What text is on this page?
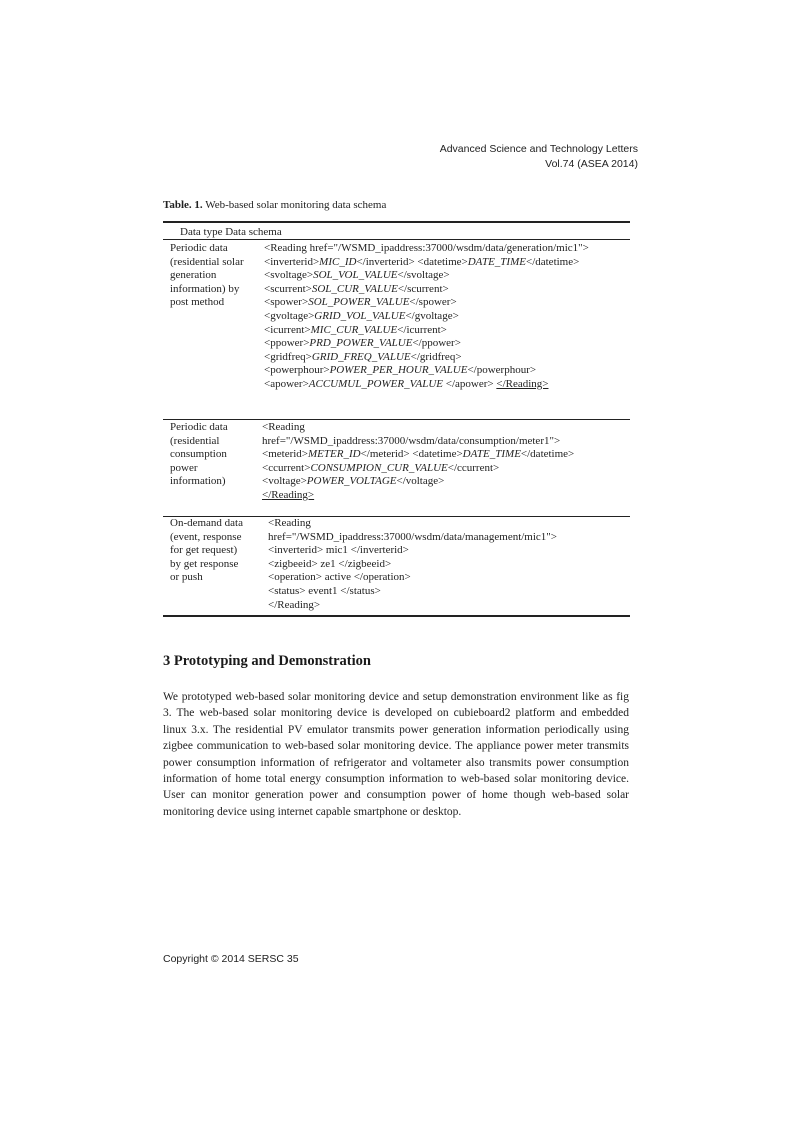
Advanced Science and Technology Letters
Vol.74 (ASEA 2014)
Table. 1. Web-based solar monitoring data schema
Data type Data schema
Periodic data
(residential solar
generation
information) by
post method
<Reading href="/WSMD_ipaddress:37000/wsdm/data/generation/mic1">
<inverterid>MIC_ID</inverterid> <datetime>DATE_TIME</datetime>
<svoltage>SOL_VOL_VALUE</svoltage>
<scurrent>SOL_CUR_VALUE</scurrent>
<spower>SOL_POWER_VALUE</spower>
<gvoltage>GRID_VOL_VALUE</gvoltage>
<icurrent>MIC_CUR_VALUE</icurrent>
<ppower>PRD_POWER_VALUE</ppower>
<gridfreq>GRID_FREQ_VALUE</gridfreq>
<powerphour>POWER_PER_HOUR_VALUE</powerphour>
<apower>ACCUMUL_POWER_VALUE </apower> </Reading>
Periodic data
(residential
consumption
power
information)
<Reading
href="/WSMD_ipaddress:37000/wsdm/data/consumption/meter1">
<meterid>METER_ID</meterid> <datetime>DATE_TIME</datetime>
<ccurrent>CONSUMPION_CUR_VALUE</ccurrent>
<voltage>POWER_VOLTAGE</voltage>
</Reading>
On-demand data
(event, response
for get request)
by get response
or push
<Reading
href="/WSMD_ipaddress:37000/wsdm/data/management/mic1">
<inverterid> mic1 </inverterid>
<zigbeeid> ze1 </zigbeeid>
<operation> active </operation>
<status> event1 </status>
</Reading>
3 Prototyping and Demonstration
We prototyped web-based solar monitoring device and setup demonstration environment like as fig 3. The web-based solar monitoring device is developed on cubieboard2 platform and embedded linux 3.x. The residential PV emulator transmits power generation information periodically using zigbee communication to web-based solar monitoring device. The appliance power meter transmits power consumption information of refrigerator and voltameter also transmits power consumption information of home total energy consumption information to web-based solar monitoring device. User can monitor generation power and consumption power of home though web-based solar monitoring device using internet capable smartphone or desktop.
Copyright © 2014 SERSC 35
